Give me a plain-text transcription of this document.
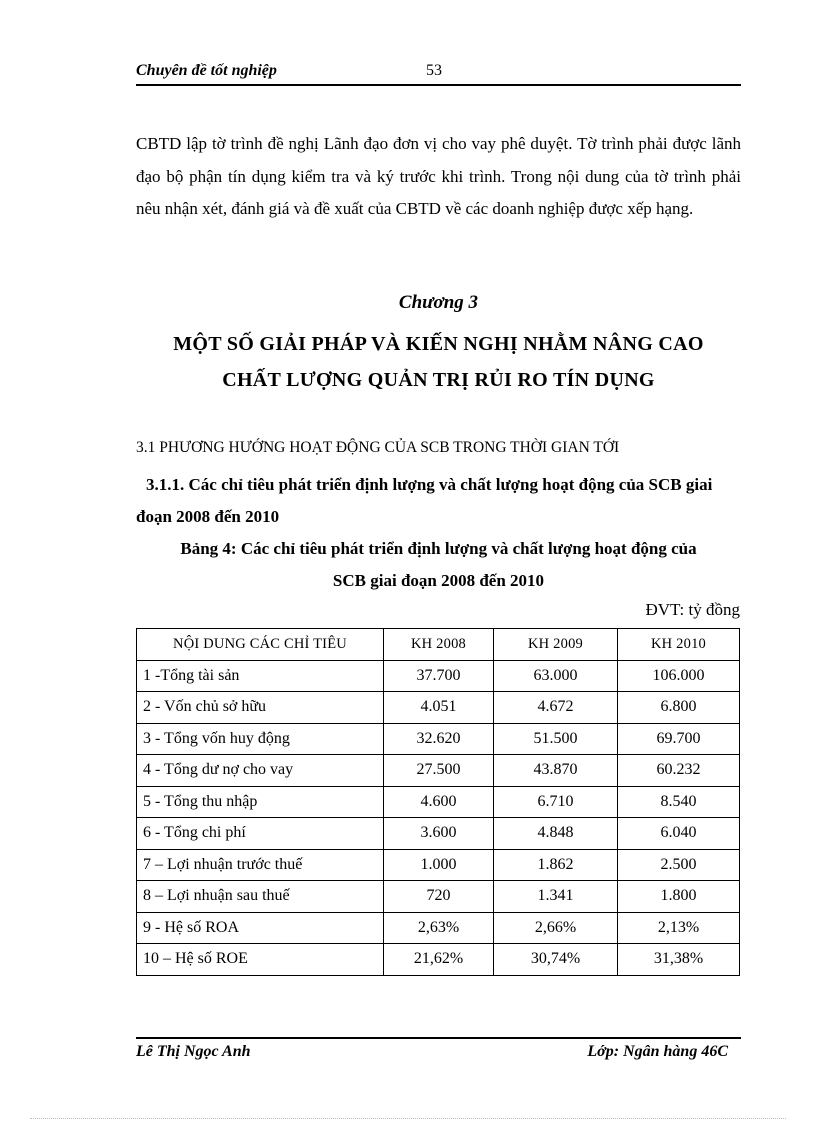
Chuyên đề tốt nghiệp	53
CBTD lập tờ trình đề nghị Lãnh đạo đơn vị cho vay phê duyệt. Tờ trình phải được lãnh đạo bộ phận tín dụng kiểm tra và ký trước khi trình. Trong nội dung của tờ trình phải nêu nhận xét, đánh giá và đề xuất của CBTD về các doanh nghiệp được xếp hạng.
Chương 3
MỘT SỐ GIẢI PHÁP VÀ KIẾN NGHỊ NHẰM NÂNG CAO
CHẤT LƯỢNG QUẢN TRỊ RỦI RO TÍN DỤNG
3.1 PHƯƠNG HƯỚNG HOẠT ĐỘNG CỦA SCB TRONG THỜI GIAN TỚI
3.1.1. Các chỉ tiêu phát triển định lượng và chất lượng hoạt động của SCB giai đoạn 2008 đến 2010
Bảng 4: Các chỉ tiêu phát triển định lượng và chất lượng hoạt động của
SCB giai đoạn 2008 đến 2010
ĐVT: tỷ đồng
NỘI DUNG CÁC CHỈ TIÊU	KH 2008	KH 2009	KH 2010
1 -Tổng tài sản	37.700	63.000	106.000
2 - Vốn chủ sở hữu	4.051	4.672	6.800
3 - Tổng vốn huy động	32.620	51.500	69.700
4 - Tổng dư nợ cho vay	27.500	43.870	60.232
5 - Tổng thu nhập	4.600	6.710	8.540
6 - Tổng chi phí	3.600	4.848	6.040
7 – Lợi nhuận trước thuế	1.000	1.862	2.500
8 – Lợi nhuận sau thuế	720	1.341	1.800
9 - Hệ số ROA	2,63%	2,66%	2,13%
10 – Hệ số ROE	21,62%	30,74%	31,38%
Lê Thị Ngọc Anh	Lớp: Ngân hàng 46C
